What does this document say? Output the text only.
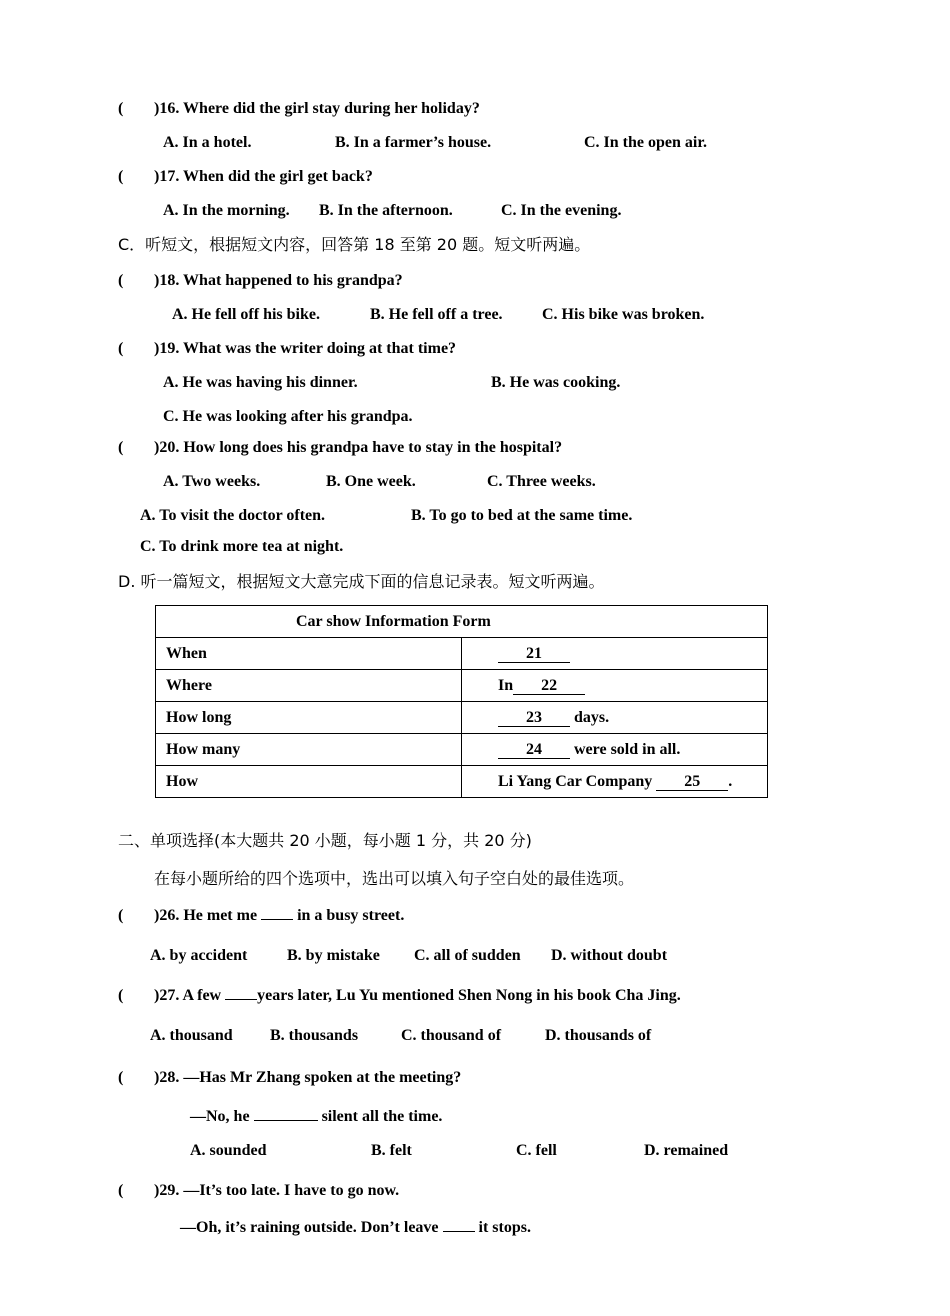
( )16. Where did the girl stay during her holiday?
A. In a hotel.	B. In a farmer’s house.	C. In the open air.
( )17. When did the girl get back?
A. In the morning. B. In the afternoon.	C. In the evening.
C．听短文，根据短文内容，回答第 18 至第 20 题。短文听两遍。
( )18. What happened to his grandpa?
A. He fell off his bike.	B. He fell off a tree. C. His bike was broken.
( )19. What was the writer doing at that time?
A. He was having his dinner.	B. He was cooking.
C. He was looking after his grandpa.
( )20. How long does his grandpa have to stay in the hospital?
A. Two weeks.	B. One week.	C. Three weeks.
A. To visit the doctor often.	B. To go to bed at the same time.
C. To drink more tea at night.
D. 听一篇短文，根据短文大意完成下面的信息记录表。短文听两遍。
Car show Information Form	
When	21
Where	In 22
How long	23 days.
How many	24 were sold in all.
How	Li Yang Car Company 25 .
二、单项选择(本大题共 20 小题，每小题 1 分，共 20 分)
在每小题所给的四个选项中，选出可以填入句子空白处的最佳选项。
( )26. He met me  in a busy street.
A. by accident B. by mistake C. all of sudden D. without doubt
( )27. A few years later, Lu Yu mentioned Shen Nong in his book Cha Jing.
A. thousand B. thousands	C. thousand of	D. thousands of
( )28. —Has Mr Zhang spoken at the meeting?
—No, he	silent all the time.
A. sounded	B. felt	C. fell	D. remained
( )29. —It’s too late. I have to go now.
—Oh, it’s raining outside. Don’t leave  it stops.
